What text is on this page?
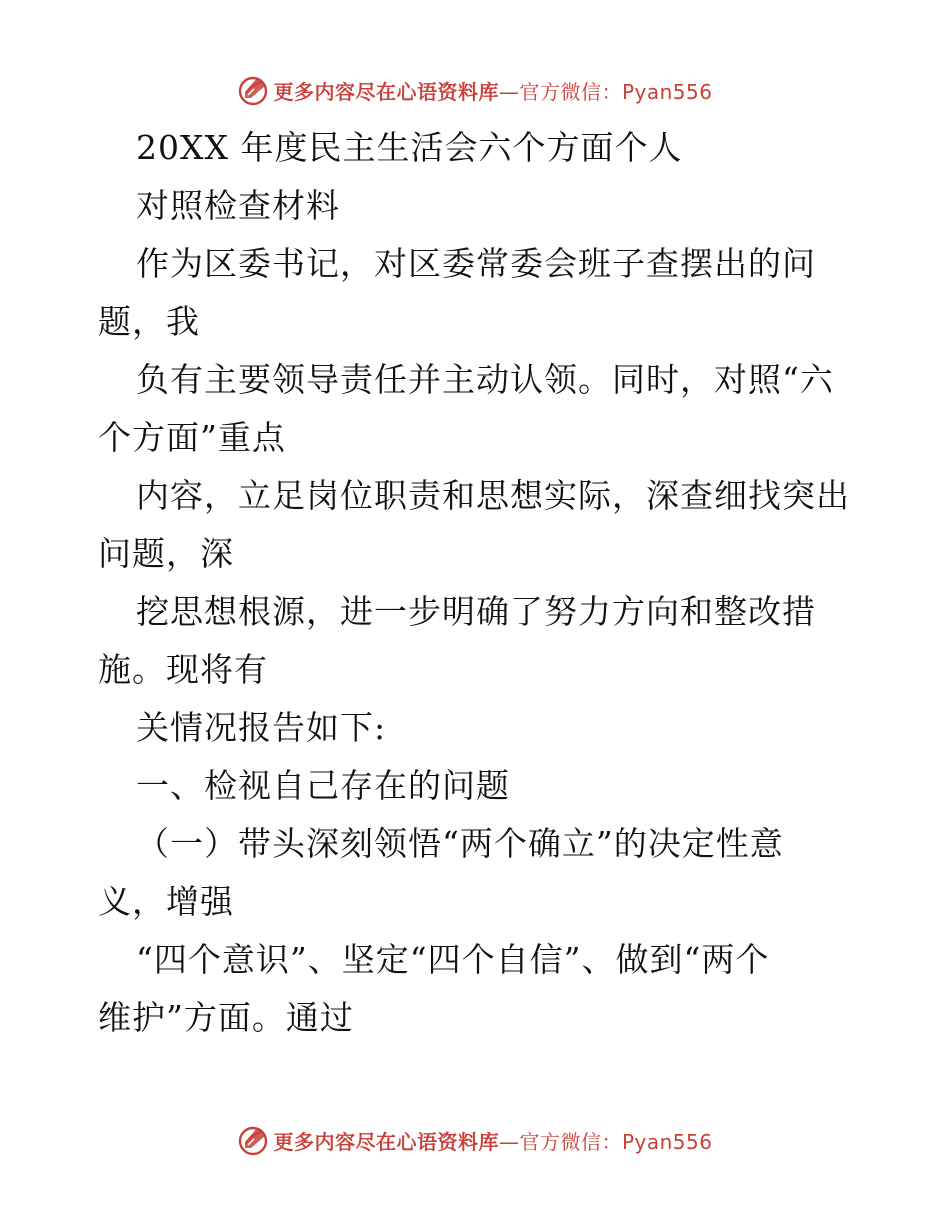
更多内容尽在心语资料库—官方微信：Pyan556
20XX 年度民主生活会六个方面个人
对照检查材料
作为区委书记，对区委常委会班子查摆出的问
题，我
负有主要领导责任并主动认领。同时，对照“六
个方面”重点
内容，立足岗位职责和思想实际，深查细找突出
问题，深
挖思想根源，进一步明确了努力方向和整改措
施。现将有
关情况报告如下:
一、检视自己存在的问题
（一）带头深刻领悟“两个确立”的决定性意
义，增强
“四个意识”、坚定“四个自信”、做到“两个
维护”方面。通过
更多内容尽在心语资料库—官方微信：Pyan556
